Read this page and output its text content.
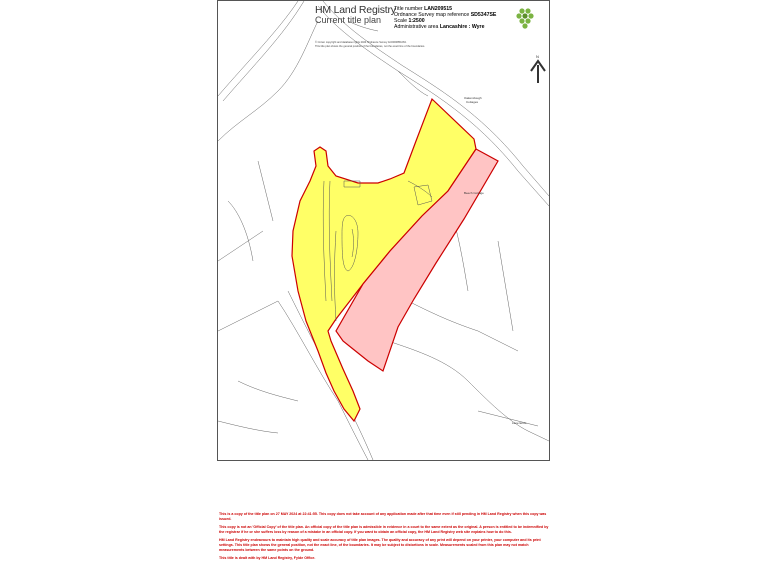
N
HM Land Registry
Current title plan
Title number LAN209515
Ordnance Survey map reference SD5347SE
Scale 1:2500
Administrative area Lancashire : Wyre
© Crown copyright and database rights 2024 Ordnance Survey AC0000851063.
This title plan shows the general position of the boundaries, not the exact line of the boundaries.
Oakenclough
Cottages
Beech Cottage
Lane Ends

This is a copy of the title plan on 27 MAY 2024 at 22:41:55. This copy does not take account of any application made after that time even if still pending in HM Land Registry when this copy was issued.

This copy is not an 'Official Copy' of the title plan. An official copy of the title plan is admissible in evidence in a court to the same extent as the original. A person is entitled to be indemnified by the registrar if he or she suffers loss by reason of a mistake in an official copy. If you want to obtain an official copy, the HM Land Registry web site explains how to do this.

HM Land Registry endeavours to maintain high quality and scale accuracy of title plan images. The quality and accuracy of any print will depend on your printer, your computer and its print settings. This title plan shows the general position, not the exact line, of the boundaries. It may be subject to distortions in scale. Measurements scaled from this plan may not match measurements between the same points on the ground.

This title is dealt with by HM Land Registry, Fylde Office.
